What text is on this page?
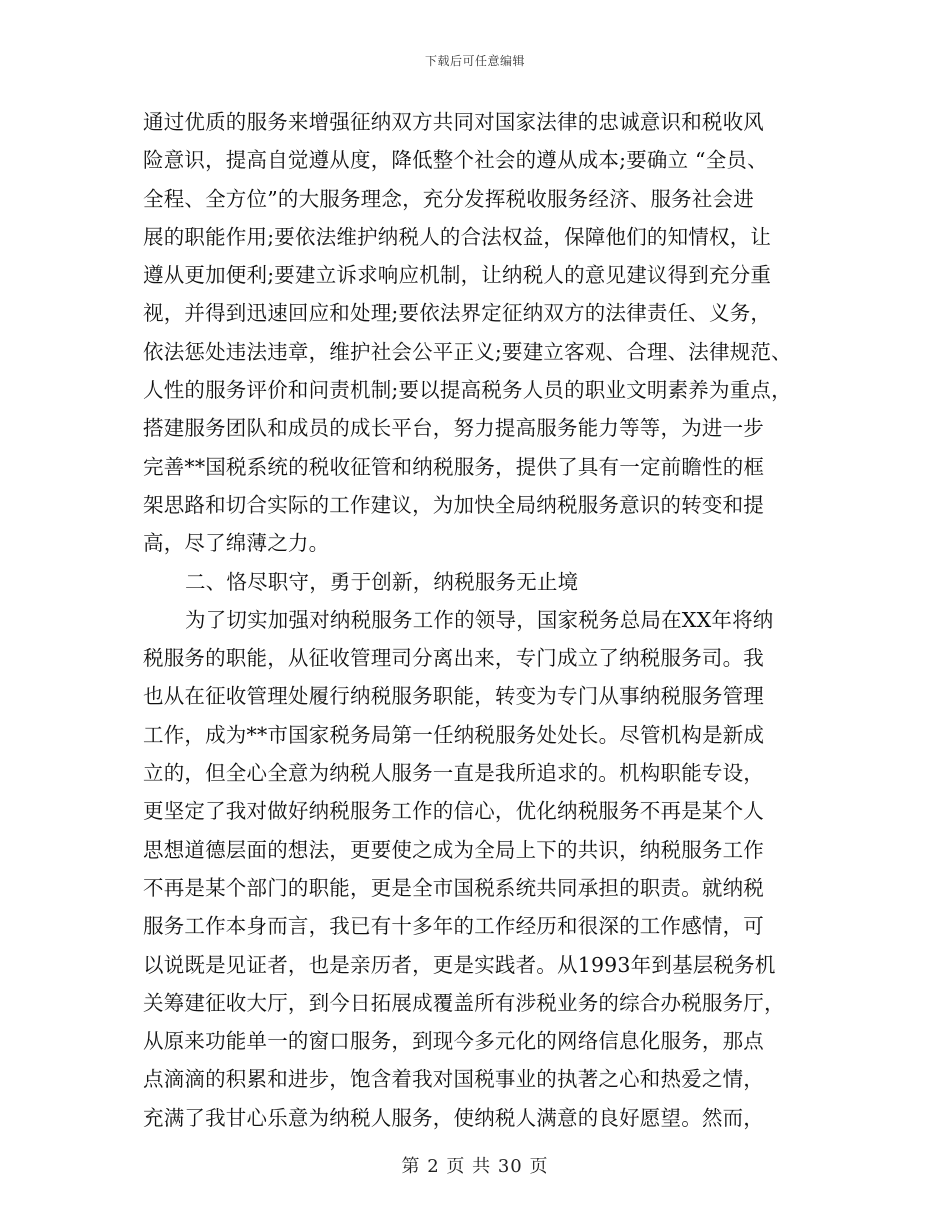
下载后可任意编辑
通过优质的服务来增强征纳双方共同对国家法律的忠诚意识和税收风
险意识，提高自觉遵从度，降低整个社会的遵从成本;要确立 “全员、
全程、全方位”的大服务理念，充分发挥税收服务经济、服务社会进
展的职能作用;要依法维护纳税人的合法权益，保障他们的知情权，让
遵从更加便利;要建立诉求响应机制，让纳税人的意见建议得到充分重
视，并得到迅速回应和处理;要依法界定征纳双方的法律责任、义务，
依法惩处违法违章，维护社会公平正义;要建立客观、合理、法律规范、
人性的服务评价和问责机制;要以提高税务人员的职业文明素养为重点，
搭建服务团队和成员的成长平台，努力提高服务能力等等，为进一步
完善**国税系统的税收征管和纳税服务，提供了具有一定前瞻性的框
架思路和切合实际的工作建议，为加快全局纳税服务意识的转变和提
高，尽了绵薄之力。
二、恪尽职守，勇于创新，纳税服务无止境
为了切实加强对纳税服务工作的领导，国家税务总局在XX年将纳
税服务的职能，从征收管理司分离出来，专门成立了纳税服务司。我
也从在征收管理处履行纳税服务职能，转变为专门从事纳税服务管理
工作，成为**市国家税务局第一任纳税服务处处长。尽管机构是新成
立的，但全心全意为纳税人服务一直是我所追求的。机构职能专设，
更坚定了我对做好纳税服务工作的信心，优化纳税服务不再是某个人
思想道德层面的想法，更要使之成为全局上下的共识，纳税服务工作
不再是某个部门的职能，更是全市国税系统共同承担的职责。就纳税
服务工作本身而言，我已有十多年的工作经历和很深的工作感情，可
以说既是见证者，也是亲历者，更是实践者。从1993年到基层税务机
关筹建征收大厅，到今日拓展成覆盖所有涉税业务的综合办税服务厅，
从原来功能单一的窗口服务，到现今多元化的网络信息化服务，那点
点滴滴的积累和进步，饱含着我对国税事业的执著之心和热爱之情，
充满了我甘心乐意为纳税人服务，使纳税人满意的良好愿望。然而，
第 2 页 共 30 页
